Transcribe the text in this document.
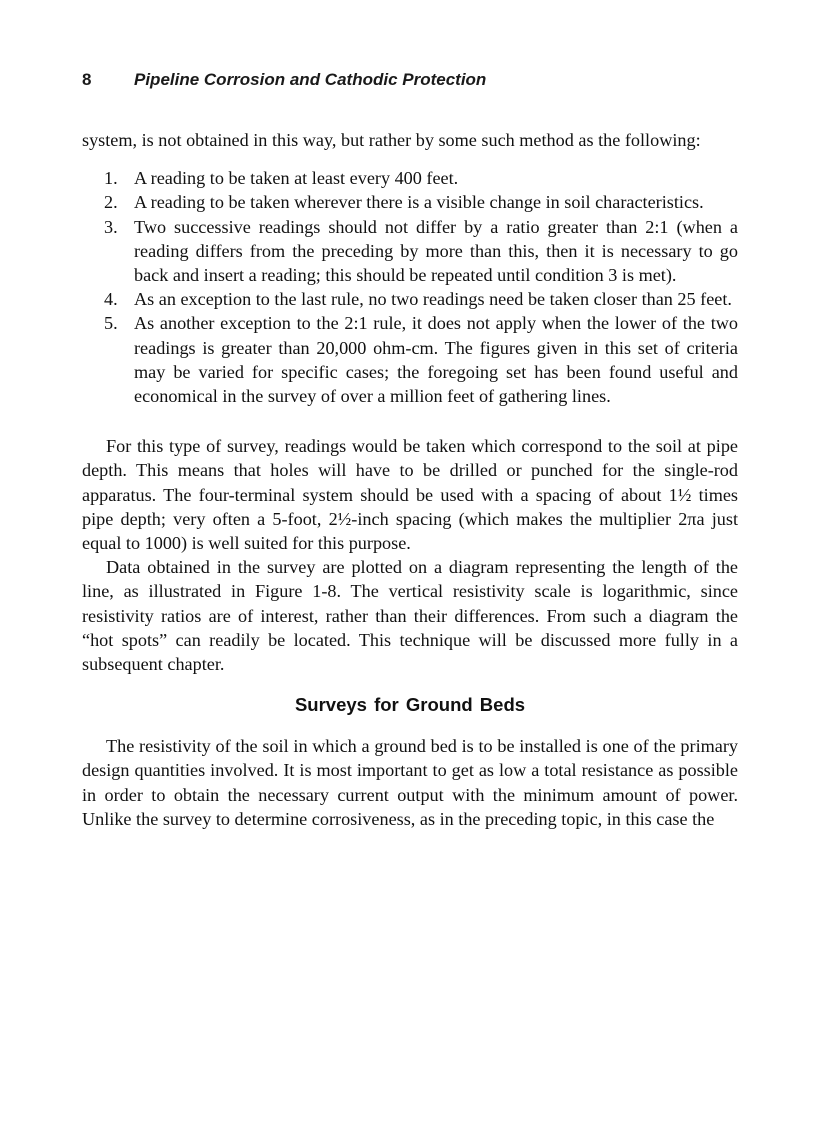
8	Pipeline Corrosion and Cathodic Protection

system, is not obtained in this way, but rather by some such method as the following:

1. A reading to be taken at least every 400 feet.
2. A reading to be taken wherever there is a visible change in soil characteristics.
3. Two successive readings should not differ by a ratio greater than 2:1 (when a reading differs from the preceding by more than this, then it is necessary to go back and insert a reading; this should be repeated until condition 3 is met).
4. As an exception to the last rule, no two readings need be taken closer than 25 feet.
5. As another exception to the 2:1 rule, it does not apply when the lower of the two readings is greater than 20,000 ohm-cm. The figures given in this set of criteria may be varied for specific cases; the foregoing set has been found useful and economical in the survey of over a million feet of gathering lines.

For this type of survey, readings would be taken which correspond to the soil at pipe depth. This means that holes will have to be drilled or punched for the single-rod apparatus. The four-terminal system should be used with a spacing of about 1½ times pipe depth; very often a 5-foot, 2½-inch spacing (which makes the multiplier 2πa just equal to 1000) is well suited for this purpose.

Data obtained in the survey are plotted on a diagram representing the length of the line, as illustrated in Figure 1-8. The vertical resistivity scale is logarithmic, since resistivity ratios are of interest, rather than their differences. From such a diagram the “hot spots” can readily be located. This technique will be discussed more fully in a subsequent chapter.

Surveys for Ground Beds

The resistivity of the soil in which a ground bed is to be installed is one of the primary design quantities involved. It is most important to get as low a total resistance as possible in order to obtain the necessary current output with the minimum amount of power. Unlike the survey to determine corrosiveness, as in the preceding topic, in this case the
